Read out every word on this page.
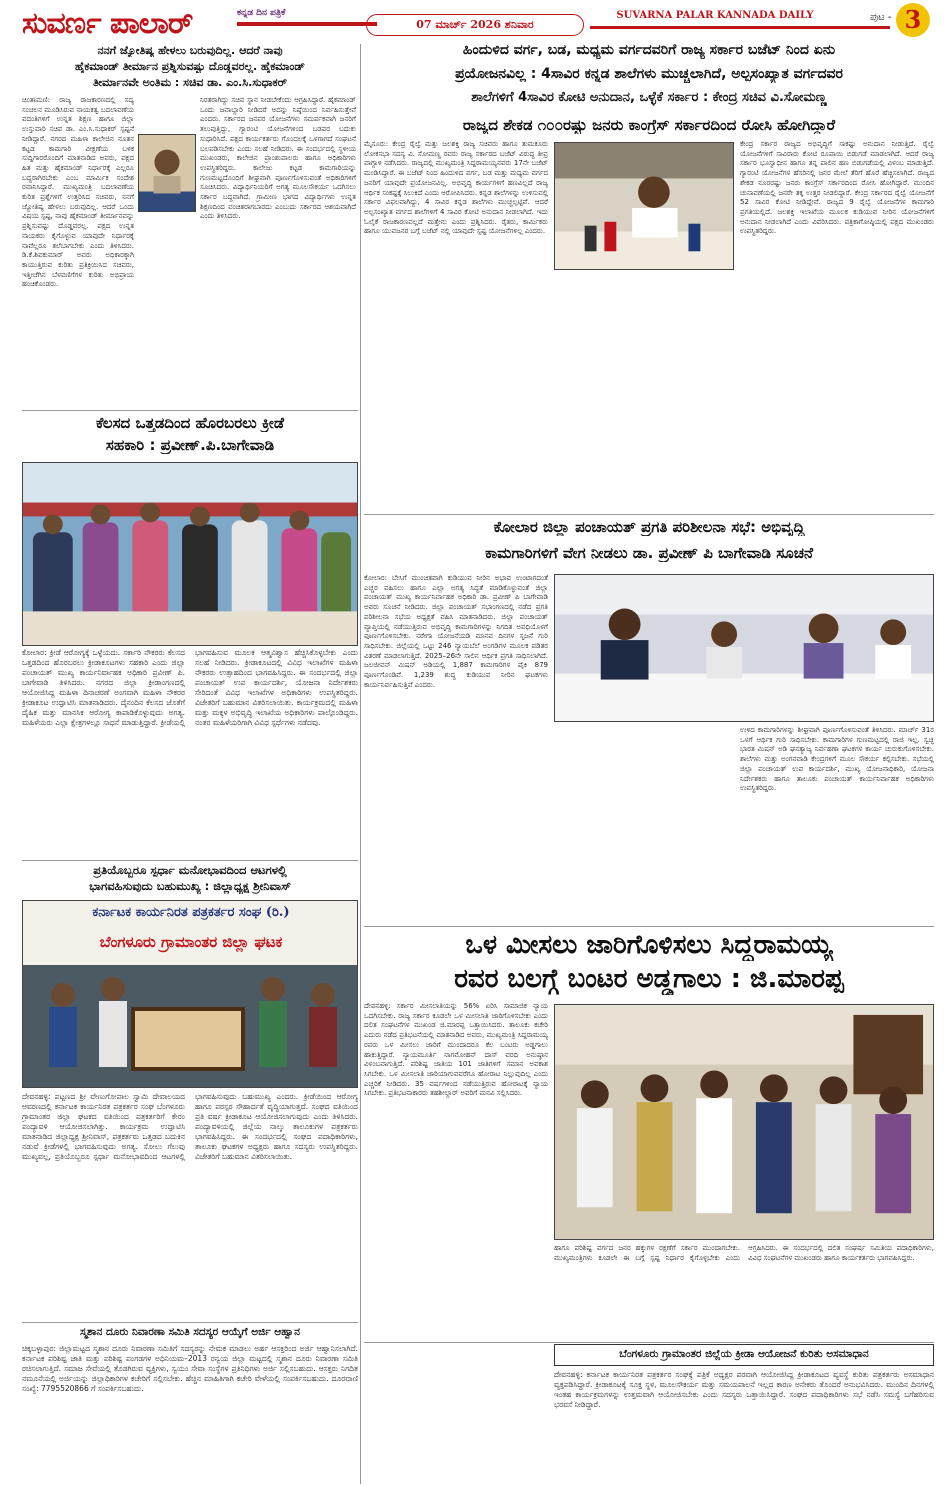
ಸುವರ್ಣ ಪಾಲಾರ್	ಕನ್ನಡ ದಿನ ಪತ್ರಿಕೆ
07 ಮಾರ್ಚ್ 2026 ಶನಿವಾರ
SUVARNA PALAR KANNADA DAILY	ಪುಟ - 3
ನನಗೆ ಜ್ಯೋತಿಷ್ಯ ಹೇಳಲು ಬರುವುದಿಲ್ಲ. ಆದರೆ ನಾವು
ಹೈಕಮಾಂಡ್ ತೀರ್ಮಾನ ಪ್ರಶ್ನಿಸುವಷ್ಟು ದೊಡ್ಡವರಲ್ಲ. ಹೈಕಮಾಂಡ್
ತೀರ್ಮಾನವೇ ಅಂತಿಮ : ಸಚಿವ ಡಾ. ಎಂ.ಸಿ.ಸುಧಾಕರ್
ಚಿಂತಾಮಣಿ: ರಾಜ್ಯ ರಾಜಕಾರಣದಲ್ಲಿ ಸದ್ಯ ಸಂಚಲನ ಮೂಡಿಸಿರುವ ನಾಯಕತ್ವ ಬದಲಾವಣೆಯ ವದಂತಿಗಳಿಗೆ ಉನ್ನತ ಶಿಕ್ಷಣ ಹಾಗೂ ಜಿಲ್ಲಾ ಉಸ್ತುವಾರಿ ಸಚಿವ ಡಾ. ಎಂ.ಸಿ.ಸುಧಾಕರ್ ಸ್ಪಷ್ಟನೆ ನೀಡಿದ್ದಾರೆ. ನಗರದ ಮಹಿಳಾ ಕಾಲೇಜಿನ ನೂತನ ಕಟ್ಟಡ ಕಾಮಗಾರಿ ವೀಕ್ಷಣೆಯ ಬಳಿಕ ಸುದ್ದಿಗಾರರೊಂದಿಗೆ ಮಾತನಾಡಿದ ಅವರು, ಪಕ್ಷದ ಹಿತ ಮತ್ತು ಹೈಕಮಾಂಡ್ ನಿರ್ಧಾರಕ್ಕೆ ಎಲ್ಲರೂ ಬದ್ಧರಾಗಿರಬೇಕು ಎಂಬ ಮಾರ್ಮಿಕ ಸಂದೇಶ ರವಾನಿಸಿದ್ದಾರೆ. ಮುಖ್ಯಮಂತ್ರಿ ಬದಲಾವಣೆಯ ಕುರಿತ ಪ್ರಶ್ನೆಗಳಿಗೆ ಉತ್ತರಿಸಿದ ಸಚಿವರು, ನನಗೆ ಜ್ಯೋತಿಷ್ಯ ಹೇಳಲು ಬರುವುದಿಲ್ಲ. ಆದರೆ ಒಂದು ವಿಷಯ ಸ್ಪಷ್ಟ, ನಾವು ಹೈಕಮಾಂಡ್ ತೀರ್ಮಾನವನ್ನು ಪ್ರಶ್ನಿಸುವಷ್ಟು ದೊಡ್ಡವರಲ್ಲ. ಪಕ್ಷದ ಉನ್ನತ ನಾಯಕರು ಕೈಗೊಳ್ಳುವ ಯಾವುದೇ ನಿರ್ಧಾರಕ್ಕೆ ನಾವೆಲ್ಲರೂ ತಲೆಬಾಗಬೇಕು ಎಂದು ತಿಳಿಸಿದರು. ಡಿ.ಕೆ.ಶಿವಕುಮಾರ್ ಅವರು ಅಧಿಕಾರಕ್ಕಾಗಿ ಕಾಯುತ್ತಿರುವ ಕುರಿತು ಪ್ರತಿಕ್ರಿಯಿಸಿದ ಸಚಿವರು, ಇತ್ತೀಚೆಗಿನ ಬೆಳವಣಿಗೆಗಳ ಕುರಿತು ಅಭಿಪ್ರಾಯ ಹಂಚಿಕೊಂಡರು.
ನಿರತರಾಗಿದ್ದು ಸಚಿವ ಸ್ಥಾನ ನೀಡಬೇಕೆಂದು ಆಗ್ರಹಿಸಿದ್ದಾರೆ. ಹೈಕಮಾಂಡ್ ಒಂದು ಜವಾಬ್ದಾರಿ ನೀಡಿದರೆ ಅದನ್ನು ನಿಷ್ಠೆಯಿಂದ ನಿರ್ವಹಿಸುತ್ತೇವೆ ಎಂದರು. ಸರ್ಕಾರದ ಜನಪರ ಯೋಜನೆಗಳು ಸಮರ್ಪಕವಾಗಿ ಜನರಿಗೆ ತಲುಪುತ್ತಿದ್ದು, ಗ್ಯಾರಂಟಿ ಯೋಜನೆಗಳಿಂದ ಬಡವರ ಬದುಕು ಸುಧಾರಿಸಿದೆ. ಪಕ್ಷದ ಕಾರ್ಯಕರ್ತರು ಗೊಂದಲಕ್ಕೆ ಒಳಗಾಗದೆ ಸಂಘಟನೆ ಬಲಪಡಿಸಬೇಕು ಎಂದು ಸಲಹೆ ನೀಡಿದರು. ಈ ಸಂದರ್ಭದಲ್ಲಿ ಸ್ಥಳೀಯ ಮುಖಂಡರು, ಕಾಲೇಜಿನ ಪ್ರಾಂಶುಪಾಲರು ಹಾಗೂ ಅಧಿಕಾರಿಗಳು ಉಪಸ್ಥಿತರಿದ್ದರು. ಕಾಲೇಜು ಕಟ್ಟಡ ಕಾಮಗಾರಿಯನ್ನು ಗುಣಮಟ್ಟದೊಂದಿಗೆ ಶೀಘ್ರವಾಗಿ ಪೂರ್ಣಗೊಳಿಸುವಂತೆ ಅಧಿಕಾರಿಗಳಿಗೆ ಸೂಚಿಸಿದರು. ವಿದ್ಯಾರ್ಥಿನಿಯರಿಗೆ ಅಗತ್ಯ ಮೂಲಸೌಕರ್ಯ ಒದಗಿಸಲು ಸರ್ಕಾರ ಬದ್ಧವಾಗಿದೆ. ಗ್ರಾಮೀಣ ಭಾಗದ ವಿದ್ಯಾರ್ಥಿಗಳು ಉನ್ನತ ಶಿಕ್ಷಣದಿಂದ ವಂಚಿತರಾಗಬಾರದು ಎಂಬುದು ಸರ್ಕಾರದ ಆಶಯವಾಗಿದೆ ಎಂದು ತಿಳಿಸಿದರು.
ಕೆಲಸದ ಒತ್ತಡದಿಂದ ಹೊರಬರಲು ಕ್ರೀಡೆ
ಸಹಕಾರಿ : ಪ್ರವೀಣ್.ಪಿ.ಬಾಗೇವಾಡಿ
ಕೋಲಾರ: ಕ್ರೀಡೆ ಆರೋಗ್ಯಕ್ಕೆ ಒಳ್ಳೆಯದು. ಸರ್ಕಾರಿ ನೌಕರರು ಕೆಲಸದ ಒತ್ತಡದಿಂದ ಹೊರಬರಲು ಕ್ರೀಡಾಕೂಟಗಳು ಸಹಕಾರಿ ಎಂದು ಜಿಲ್ಲಾ ಪಂಚಾಯತ್ ಮುಖ್ಯ ಕಾರ್ಯನಿರ್ವಾಹಕ ಅಧಿಕಾರಿ ಪ್ರವೀಣ್ ಪಿ. ಬಾಗೇವಾಡಿ ತಿಳಿಸಿದರು. ನಗರದ ಜಿಲ್ಲಾ ಕ್ರೀಡಾಂಗಣದಲ್ಲಿ ಆಯೋಜಿಸಿದ್ದ ಮಹಿಳಾ ದಿನಾಚರಣೆ ಅಂಗವಾಗಿ ಮಹಿಳಾ ನೌಕರರ ಕ್ರೀಡಾಕೂಟ ಉದ್ಘಾಟಿಸಿ ಮಾತನಾಡಿದರು. ದೈನಂದಿನ ಕೆಲಸದ ಜೊತೆಗೆ ದೈಹಿಕ ಮತ್ತು ಮಾನಸಿಕ ಆರೋಗ್ಯ ಕಾಪಾಡಿಕೊಳ್ಳುವುದು ಅಗತ್ಯ. ಮಹಿಳೆಯರು ಎಲ್ಲಾ ಕ್ಷೇತ್ರಗಳಲ್ಲೂ ಸಾಧನೆ ಮಾಡುತ್ತಿದ್ದಾರೆ. ಕ್ರೀಡೆಯಲ್ಲಿ ಭಾಗವಹಿಸುವ ಮೂಲಕ ಆತ್ಮವಿಶ್ವಾಸ ಹೆಚ್ಚಿಸಿಕೊಳ್ಳಬೇಕು ಎಂದು ಸಲಹೆ ನೀಡಿದರು. ಕ್ರೀಡಾಕೂಟದಲ್ಲಿ ವಿವಿಧ ಇಲಾಖೆಗಳ ಮಹಿಳಾ ನೌಕರರು ಉತ್ಸಾಹದಿಂದ ಭಾಗವಹಿಸಿದ್ದರು. ಈ ಸಂದರ್ಭದಲ್ಲಿ ಜಿಲ್ಲಾ ಪಂಚಾಯತ್ ಉಪ ಕಾರ್ಯದರ್ಶಿ, ಯೋಜನಾ ನಿರ್ದೇಶಕರು ಸೇರಿದಂತೆ ವಿವಿಧ ಇಲಾಖೆಗಳ ಅಧಿಕಾರಿಗಳು ಉಪಸ್ಥಿತರಿದ್ದರು. ವಿಜೇತರಿಗೆ ಬಹುಮಾನ ವಿತರಿಸಲಾಯಿತು. ಕಾರ್ಯಕ್ರಮದಲ್ಲಿ ಮಹಿಳಾ ಮತ್ತು ಮಕ್ಕಳ ಅಭಿವೃದ್ಧಿ ಇಲಾಖೆಯ ಅಧಿಕಾರಿಗಳು ಪಾಲ್ಗೊಂಡಿದ್ದರು. ನಂತರ ಮಹಿಳೆಯರಿಗಾಗಿ ವಿವಿಧ ಸ್ಪರ್ಧೆಗಳು ನಡೆದವು.
ಪ್ರತಿಯೊಬ್ಬರೂ ಸ್ಪರ್ಧಾ ಮನೋಭಾವದಿಂದ ಆಟಗಳಲ್ಲಿ
ಭಾಗವಹಿಸುವುದು ಬಹುಮುಖ್ಯ : ಜಿಲ್ಲಾಧ್ಯಕ್ಷ ಶ್ರೀನಿವಾಸ್
ಕರ್ನಾಟಕ ಕಾರ್ಯನಿರತ ಪತ್ರಕರ್ತರ ಸಂಘ (ರಿ.)
ಬೆಂಗಳೂರು ಗ್ರಾಮಾಂತರ ಜಿಲ್ಲಾ ಘಟಕ
ದೇವನಹಳ್ಳಿ: ಪಟ್ಟಣದ ಶ್ರೀ ವೇಣುಗೋಪಾಲ ಸ್ವಾಮಿ ದೇವಾಲಯದ ಆವರಣದಲ್ಲಿ ಕರ್ನಾಟಕ ಕಾರ್ಯನಿರತ ಪತ್ರಕರ್ತರ ಸಂಘ ಬೆಂಗಳೂರು ಗ್ರಾಮಾಂತರ ಜಿಲ್ಲಾ ಘಟಕದ ವತಿಯಿಂದ ಪತ್ರಕರ್ತರಿಗೆ ಕೇರಂ ಪಂದ್ಯಾವಳಿ ಆಯೋಜಿಸಲಾಗಿತ್ತು. ಕಾರ್ಯಕ್ರಮ ಉದ್ಘಾಟಿಸಿ ಮಾತನಾಡಿದ ಜಿಲ್ಲಾಧ್ಯಕ್ಷ ಶ್ರೀನಿವಾಸ್, ಪತ್ರಕರ್ತರು ಒತ್ತಡದ ಬದುಕಿನ ನಡುವೆ ಕ್ರೀಡೆಗಳಲ್ಲಿ ಭಾಗವಹಿಸುವುದು ಅಗತ್ಯ. ಸೋಲು ಗೆಲುವು ಮುಖ್ಯವಲ್ಲ, ಪ್ರತಿಯೊಬ್ಬರೂ ಸ್ಪರ್ಧಾ ಮನೋಭಾವದಿಂದ ಆಟಗಳಲ್ಲಿ ಭಾಗವಹಿಸುವುದು ಬಹುಮುಖ್ಯ ಎಂದರು. ಕ್ರೀಡೆಯಿಂದ ಆರೋಗ್ಯ ಹಾಗೂ ಪರಸ್ಪರ ಸೌಹಾರ್ದತೆ ವೃದ್ಧಿಯಾಗುತ್ತದೆ. ಸಂಘದ ವತಿಯಿಂದ ಪ್ರತಿ ವರ್ಷ ಕ್ರೀಡಾಕೂಟ ಆಯೋಜಿಸಲಾಗುವುದು ಎಂದು ತಿಳಿಸಿದರು. ಪಂದ್ಯಾವಳಿಯಲ್ಲಿ ಜಿಲ್ಲೆಯ ನಾಲ್ಕು ತಾಲೂಕುಗಳ ಪತ್ರಕರ್ತರು ಭಾಗವಹಿಸಿದ್ದರು. ಈ ಸಂದರ್ಭದಲ್ಲಿ ಸಂಘದ ಪದಾಧಿಕಾರಿಗಳು, ತಾಲೂಕು ಘಟಕಗಳ ಅಧ್ಯಕ್ಷರು ಹಾಗೂ ಸದಸ್ಯರು ಉಪಸ್ಥಿತರಿದ್ದರು. ವಿಜೇತರಿಗೆ ಬಹುಮಾನ ವಿತರಿಸಲಾಯಿತು.
ಸ್ಮಶಾನ ದೂರು ನಿವಾರಣಾ ಸಮಿತಿ ಸದಸ್ಯರ ಆಯ್ಕೆಗೆ ಅರ್ಜಿ ಆಹ್ವಾನ
ಚಿಕ್ಕಬಳ್ಳಾಪುರ: ಜಿಲ್ಲಾಮಟ್ಟದ ಸ್ಮಶಾನ ದೂರು ನಿವಾರಣಾ ಸಮಿತಿಗೆ ಸದಸ್ಯರನ್ನು ನೇಮಕ ಮಾಡಲು ಅರ್ಹ ಆಸಕ್ತರಿಂದ ಅರ್ಜಿ ಆಹ್ವಾನಿಸಲಾಗಿದೆ. ಕರ್ನಾಟಕ ಪರಿಶಿಷ್ಟ ಜಾತಿ ಮತ್ತು ಪರಿಶಿಷ್ಟ ಪಂಗಡಗಳ ಅಧಿನಿಯಮ–2013 ರನ್ವಯ ಜಿಲ್ಲಾ ಮಟ್ಟದಲ್ಲಿ ಸ್ಮಶಾನ ದೂರು ನಿವಾರಣಾ ಸಮಿತಿ ರಚಿಸಲಾಗುತ್ತಿದೆ. ಸಮಾಜ ಸೇವೆಯಲ್ಲಿ ತೊಡಗಿರುವ ವ್ಯಕ್ತಿಗಳು, ಸ್ವಯಂ ಸೇವಾ ಸಂಸ್ಥೆಗಳ ಪ್ರತಿನಿಧಿಗಳು ಅರ್ಜಿ ಸಲ್ಲಿಸಬಹುದು. ಆಸಕ್ತರು ನಿಗದಿತ ನಮೂನೆಯಲ್ಲಿ ಅರ್ಜಿಯನ್ನು ಜಿಲ್ಲಾಧಿಕಾರಿಗಳ ಕಚೇರಿಗೆ ಸಲ್ಲಿಸಬೇಕು. ಹೆಚ್ಚಿನ ಮಾಹಿತಿಗಾಗಿ ಕಚೇರಿ ವೇಳೆಯಲ್ಲಿ ಸಂಪರ್ಕಿಸಬಹುದು. ದೂರವಾಣಿ ಸಂಖ್ಯೆ: 7795520866 ಗೆ ಸಂಪರ್ಕಿಸಬಹುದು.
ಹಿಂದುಳಿದ ವರ್ಗ, ಬಡ, ಮಧ್ಯಮ ವರ್ಗದವರಿಗೆ ರಾಜ್ಯ ಸರ್ಕಾರ ಬಜೆಟ್ ನಿಂದ ಏನು
ಪ್ರಯೋಜನವಿಲ್ಲ : 4ಸಾವಿರ ಕನ್ನಡ ಶಾಲೆಗಳು ಮುಚ್ಚಲಾಗಿದೆ, ಅಲ್ಪಸಂಖ್ಯಾತ ವರ್ಗದವರ
ಶಾಲೆಗಳಿಗೆ 4ಸಾವಿರ ಕೋಟಿ ಅನುದಾನ, ಒಳ್ಳೆಕೆ ಸರ್ಕಾರ : ಕೇಂದ್ರ ಸಚಿವ ವಿ.ಸೋಮಣ್ಣ
ರಾಜ್ಯದ ಶೇಕಡ ೧೦೦ರಷ್ಟು ಜನರು ಕಾಂಗ್ರೆಸ್ ಸರ್ಕಾರದಿಂದ ರೋಸಿ ಹೋಗಿದ್ದಾರೆ
ಮೈಸೂರು: ಕೇಂದ್ರ ರೈಲ್ವೆ ಮತ್ತು ಜಲಶಕ್ತಿ ರಾಜ್ಯ ಸಚಿವರು ಹಾಗೂ ತುಮಕೂರು ಲೋಕಸಭಾ ಸದಸ್ಯ ವಿ. ಸೋಮಣ್ಣ ರವರು ರಾಜ್ಯ ಸರ್ಕಾರದ ಬಜೆಟ್ ವಿರುದ್ಧ ತೀವ್ರ ವಾಗ್ದಾಳಿ ನಡೆಸಿದರು. ರಾಜ್ಯದಲ್ಲಿ ಮುಖ್ಯಮಂತ್ರಿ ಸಿದ್ದರಾಮಯ್ಯನವರು 17ನೇ ಬಜೆಟ್ ಮಂಡಿಸಿದ್ದಾರೆ. ಈ ಬಜೆಟ್ ನಿಂದ ಹಿಂದುಳಿದ ವರ್ಗ, ಬಡ ಮತ್ತು ಮಧ್ಯಮ ವರ್ಗದ ಜನರಿಗೆ ಯಾವುದೇ ಪ್ರಯೋಜನವಿಲ್ಲ. ಅಭಿವೃದ್ಧಿ ಕಾರ್ಯಗಳಿಗೆ ಹಣವಿಲ್ಲದೆ ರಾಜ್ಯ ಆರ್ಥಿಕ ಸಂಕಷ್ಟಕ್ಕೆ ಸಿಲುಕಿದೆ ಎಂದು ಆರೋಪಿಸಿದರು. ಕನ್ನಡ ಶಾಲೆಗಳನ್ನು ಉಳಿಸುವಲ್ಲಿ ಸರ್ಕಾರ ವಿಫಲವಾಗಿದ್ದು, 4 ಸಾವಿರ ಕನ್ನಡ ಶಾಲೆಗಳು ಮುಚ್ಚಲ್ಪಟ್ಟಿವೆ. ಆದರೆ ಅಲ್ಪಸಂಖ್ಯಾತ ವರ್ಗದ ಶಾಲೆಗಳಿಗೆ 4 ಸಾವಿರ ಕೋಟಿ ಅನುದಾನ ನೀಡಲಾಗಿದೆ. ಇದು ಓಲೈಕೆ ರಾಜಕಾರಣವಲ್ಲದೆ ಮತ್ತೇನು ಎಂದು ಪ್ರಶ್ನಿಸಿದರು. ರೈತರು, ಕಾರ್ಮಿಕರು ಹಾಗೂ ಯುವಜನರ ಬಗ್ಗೆ ಬಜೆಟ್ ನಲ್ಲಿ ಯಾವುದೇ ಸ್ಪಷ್ಟ ಯೋಜನೆಗಳಿಲ್ಲ ಎಂದರು.
ಕೇಂದ್ರ ಸರ್ಕಾರ ರಾಜ್ಯದ ಅಭಿವೃದ್ಧಿಗೆ ಸಾಕಷ್ಟು ಅನುದಾನ ನೀಡುತ್ತಿದೆ. ರೈಲ್ವೆ ಯೋಜನೆಗಳಿಗೆ ಸಾವಿರಾರು ಕೋಟಿ ರೂಪಾಯಿ ಬಿಡುಗಡೆ ಮಾಡಲಾಗಿದೆ. ಆದರೆ ರಾಜ್ಯ ಸರ್ಕಾರ ಭೂಸ್ವಾಧೀನ ಹಾಗೂ ತನ್ನ ಪಾಲಿನ ಹಣ ಬಿಡುಗಡೆಯಲ್ಲಿ ವಿಳಂಬ ಮಾಡುತ್ತಿದೆ. ಗ್ಯಾರಂಟಿ ಯೋಜನೆಗಳ ಹೆಸರಿನಲ್ಲಿ ಜನರ ಮೇಲೆ ತೆರಿಗೆ ಹೊರೆ ಹೆಚ್ಚಿಸಲಾಗಿದೆ. ರಾಜ್ಯದ ಶೇಕಡ ನೂರರಷ್ಟು ಜನರು ಕಾಂಗ್ರೆಸ್ ಸರ್ಕಾರದಿಂದ ರೋಸಿ ಹೋಗಿದ್ದಾರೆ. ಮುಂದಿನ ಚುನಾವಣೆಯಲ್ಲಿ ಜನರೇ ತಕ್ಕ ಉತ್ತರ ನೀಡಲಿದ್ದಾರೆ. ಕೇಂದ್ರ ಸರ್ಕಾರದ ರೈಲ್ವೆ ಯೋಜನೆಗೆ 52 ಸಾವಿರ ಕೋಟಿ ನೀಡಿದ್ದೇವೆ. ರಾಜ್ಯದ 9 ರೈಲ್ವೆ ಯೋಜನೆಗಳ ಕಾಮಗಾರಿ ಪ್ರಗತಿಯಲ್ಲಿದೆ. ಜಲಶಕ್ತಿ ಇಲಾಖೆಯ ಮೂಲಕ ಕುಡಿಯುವ ನೀರಿನ ಯೋಜನೆಗಳಿಗೆ ಅನುದಾನ ನೀಡಲಾಗಿದೆ ಎಂದು ವಿವರಿಸಿದರು. ಪತ್ರಿಕಾಗೋಷ್ಠಿಯಲ್ಲಿ ಪಕ್ಷದ ಮುಖಂಡರು ಉಪಸ್ಥಿತರಿದ್ದರು.
ಕೋಲಾರ ಜಿಲ್ಲಾ ಪಂಚಾಯತ್ ಪ್ರಗತಿ ಪರಿಶೀಲನಾ ಸಭೆ: ಅಭಿವೃದ್ಧಿ
ಕಾಮಗಾರಿಗಳಿಗೆ ವೇಗ ನೀಡಲು ಡಾ. ಪ್ರವೀಣ್ ಪಿ ಬಾಗೇವಾಡಿ ಸೂಚನೆ
ಕೋಲಾರ: ಬೇಸಿಗೆ ಮುಂಚಿತವಾಗಿ ಕುಡಿಯುವ ನೀರಿನ ಅಭಾವ ಉಂಟಾಗದಂತೆ ಎಚ್ಚರ ವಹಿಸಲು ಹಾಗೂ ಎಲ್ಲಾ ಅಗತ್ಯ ಸಿದ್ಧತೆ ಮಾಡಿಕೊಳ್ಳುವಂತೆ ಜಿಲ್ಲಾ ಪಂಚಾಯತ್ ಮುಖ್ಯ ಕಾರ್ಯನಿರ್ವಾಹಕ ಅಧಿಕಾರಿ ಡಾ. ಪ್ರವೀಣ್ ಪಿ ಬಾಗೇವಾಡಿ ಅವರು ಸೂಚನೆ ನೀಡಿದರು. ಜಿಲ್ಲಾ ಪಂಚಾಯತ್ ಸಭಾಂಗಣದಲ್ಲಿ ನಡೆದ ಪ್ರಗತಿ ಪರಿಶೀಲನಾ ಸಭೆಯ ಅಧ್ಯಕ್ಷತೆ ವಹಿಸಿ ಮಾತನಾಡಿದರು. ಜಿಲ್ಲಾ ಪಂಚಾಯತ್ ವ್ಯಾಪ್ತಿಯಲ್ಲಿ ನಡೆಯುತ್ತಿರುವ ಅಭಿವೃದ್ಧಿ ಕಾಮಗಾರಿಗಳನ್ನು ನಿಗದಿತ ಅವಧಿಯೊಳಗೆ ಪೂರ್ಣಗೊಳಿಸಬೇಕು. ನರೇಗಾ ಯೋಜನೆಯಡಿ ಮಾನವ ದಿನಗಳ ಸೃಜನೆ ಗುರಿ ಸಾಧಿಸಬೇಕು. ಜಿಲ್ಲೆಯಲ್ಲಿ ಒಟ್ಟು 246 ನ್ಯಾಯಬೆಲೆ ಅಂಗಡಿಗಳ ಮೂಲಕ ಪಡಿತರ ವಿತರಣೆ ಮಾಡಲಾಗುತ್ತಿದೆ. 2025–26ನೇ ಸಾಲಿನ ಆರ್ಥಿಕ ಪ್ರಗತಿ ಸಾಧಿಸಲಾಗಿದೆ. ಜಲಜೀವನ್ ಮಿಷನ್ ಅಡಿಯಲ್ಲಿ 1,887 ಕಾಮಗಾರಿಗಳ ಪೈಕಿ 879 ಪೂರ್ಣಗೊಂಡಿವೆ. 1,239 ಶುದ್ಧ ಕುಡಿಯುವ ನೀರಿನ ಘಟಕಗಳು ಕಾರ್ಯನಿರ್ವಹಿಸುತ್ತಿವೆ ಎಂದರು.
ಉಳಿದ ಕಾಮಗಾರಿಗಳನ್ನು ಶೀಘ್ರವಾಗಿ ಪೂರ್ಣಗೊಳಿಸುವಂತೆ ತಿಳಿಸಿದರು. ಮಾರ್ಚ್ 31ರ ಒಳಗೆ ಆರ್ಥಿಕ ಗುರಿ ಸಾಧಿಸಬೇಕು. ಕಾಮಗಾರಿಗಳ ಗುಣಮಟ್ಟದಲ್ಲಿ ರಾಜಿ ಇಲ್ಲ. ಸ್ವಚ್ಛ ಭಾರತ ಮಿಷನ್ ಅಡಿ ಘನತ್ಯಾಜ್ಯ ನಿರ್ವಹಣಾ ಘಟಕಗಳ ಕಾರ್ಯ ಚುರುಕುಗೊಳಿಸಬೇಕು. ಶಾಲೆಗಳು ಮತ್ತು ಅಂಗನವಾಡಿ ಕೇಂದ್ರಗಳಿಗೆ ಮೂಲ ಸೌಕರ್ಯ ಕಲ್ಪಿಸಬೇಕು. ಸಭೆಯಲ್ಲಿ ಜಿಲ್ಲಾ ಪಂಚಾಯತ್ ಉಪ ಕಾರ್ಯದರ್ಶಿ, ಮುಖ್ಯ ಯೋಜನಾಧಿಕಾರಿ, ಯೋಜನಾ ನಿರ್ದೇಶಕರು ಹಾಗೂ ತಾಲೂಕು ಪಂಚಾಯತ್ ಕಾರ್ಯನಿರ್ವಾಹಕ ಅಧಿಕಾರಿಗಳು ಉಪಸ್ಥಿತರಿದ್ದರು.
ಒಳ ಮೀಸಲು ಜಾರಿಗೊಳಿಸಲು ಸಿದ್ದರಾಮಯ್ಯ
ರವರ ಬಲಗ್ಗೆ ಬಂಟರ ಅಡ್ಡಗಾಲು : ಜಿ.ಮಾರಪ್ಪ
ದೇವನಹಳ್ಳಿ: ಸರ್ಕಾರ ಮೀಸಲಾತಿಯನ್ನು 56% ಏರಿಸಿ ಸಾಮಾಜಿಕ ನ್ಯಾಯ ಒದಗಿಸಬೇಕು. ರಾಜ್ಯ ಸರ್ಕಾರ ಕೂಡಲೇ ಒಳ ಮೀಸಲಾತಿ ಜಾರಿಗೊಳಿಸಬೇಕು ಎಂದು ದಲಿತ ಸಂಘಟನೆಗಳ ಮುಖಂಡ ಜಿ.ಮಾರಪ್ಪ ಒತ್ತಾಯಿಸಿದರು. ತಾಲೂಕು ಕಚೇರಿ ಎದುರು ನಡೆದ ಪ್ರತಿಭಟನೆಯಲ್ಲಿ ಮಾತನಾಡಿದ ಅವರು, ಮುಖ್ಯಮಂತ್ರಿ ಸಿದ್ದರಾಮಯ್ಯ ರವರು ಒಳ ಮೀಸಲು ಜಾರಿಗೆ ಮುಂದಾದರೂ ಕೆಲ ಬಂಟರು ಅಡ್ಡಗಾಲು ಹಾಕುತ್ತಿದ್ದಾರೆ. ನ್ಯಾಯಮೂರ್ತಿ ನಾಗಮೋಹನ್ ದಾಸ್ ವರದಿ ಅನುಷ್ಠಾನ ವಿಳಂಬವಾಗುತ್ತಿದೆ. ಪರಿಶಿಷ್ಟ ಜಾತಿಯ 101 ಜಾತಿಗಳಿಗೆ ಸಮಾನ ಅವಕಾಶ ಸಿಗಬೇಕು. ಒಳ ಮೀಸಲಾತಿ ಜಾರಿಯಾಗುವವರೆಗೂ ಹೋರಾಟ ನಿಲ್ಲುವುದಿಲ್ಲ ಎಂದು ಎಚ್ಚರಿಕೆ ನೀಡಿದರು. 35 ವರ್ಷಗಳಿಂದ ನಡೆಯುತ್ತಿರುವ ಹೋರಾಟಕ್ಕೆ ನ್ಯಾಯ ಸಿಗಬೇಕು. ಪ್ರತಿಭಟನಾಕಾರರು ತಹಶೀಲ್ದಾರ್ ಅವರಿಗೆ ಮನವಿ ಸಲ್ಲಿಸಿದರು.
ಹಾಗೂ ಪರಿಶಿಷ್ಟ ವರ್ಗದ ಜನರ ಹಕ್ಕುಗಳ ರಕ್ಷಣೆಗೆ ಸರ್ಕಾರ ಮುಂದಾಗಬೇಕು. ಮುಖ್ಯಮಂತ್ರಿಗಳು ಕೂಡಲೇ ಈ ಬಗ್ಗೆ ಸ್ಪಷ್ಟ ನಿರ್ಧಾರ ಕೈಗೊಳ್ಳಬೇಕು ಎಂದು ಆಗ್ರಹಿಸಿದರು. ಈ ಸಂದರ್ಭದಲ್ಲಿ ದಲಿತ ಸಂಘರ್ಷ ಸಮಿತಿಯ ಪದಾಧಿಕಾರಿಗಳು, ವಿವಿಧ ಸಂಘಟನೆಗಳ ಮುಖಂಡರು ಹಾಗೂ ಕಾರ್ಯಕರ್ತರು ಭಾಗವಹಿಸಿದ್ದರು.
ಬೆಂಗಳೂರು ಗ್ರಾಮಾಂತರ ಜಿಲ್ಲೆಯ ಕ್ರೀಡಾ ಆಯೋಜನೆ ಕುರಿತು ಅಸಮಾಧಾನ
ದೇವನಹಳ್ಳಿ: ಕರ್ನಾಟಕ ಕಾರ್ಯನಿರತ ಪತ್ರಕರ್ತರ ಸಂಘಕ್ಕೆ ಪತ್ರಿಕೆ ಅಧ್ಯಕ್ಷರ ಪರವಾಗಿ ಆಯೋಜಿಸಿದ್ದ ಕ್ರೀಡಾಕೂಟದ ವ್ಯವಸ್ಥೆ ಕುರಿತು ಪತ್ರಕರ್ತರು ಅಸಮಾಧಾನ ವ್ಯಕ್ತಪಡಿಸಿದ್ದಾರೆ. ಕ್ರೀಡಾಕೂಟಕ್ಕೆ ಸೂಕ್ತ ಸ್ಥಳ, ಮೂಲಸೌಕರ್ಯ ಮತ್ತು ಸಮಯಪಾಲನೆ ಇಲ್ಲದ ಕಾರಣ ಅನೇಕರು ತೊಂದರೆ ಅನುಭವಿಸಿದರು. ಮುಂದಿನ ದಿನಗಳಲ್ಲಿ ಇಂತಹ ಕಾರ್ಯಕ್ರಮಗಳನ್ನು ಉತ್ತಮವಾಗಿ ಆಯೋಜಿಸಬೇಕು ಎಂದು ಸದಸ್ಯರು ಒತ್ತಾಯಿಸಿದ್ದಾರೆ. ಸಂಘದ ಪದಾಧಿಕಾರಿಗಳು ಸಭೆ ನಡೆಸಿ ಸಮಸ್ಯೆ ಬಗೆಹರಿಸುವ ಭರವಸೆ ನೀಡಿದ್ದಾರೆ.
